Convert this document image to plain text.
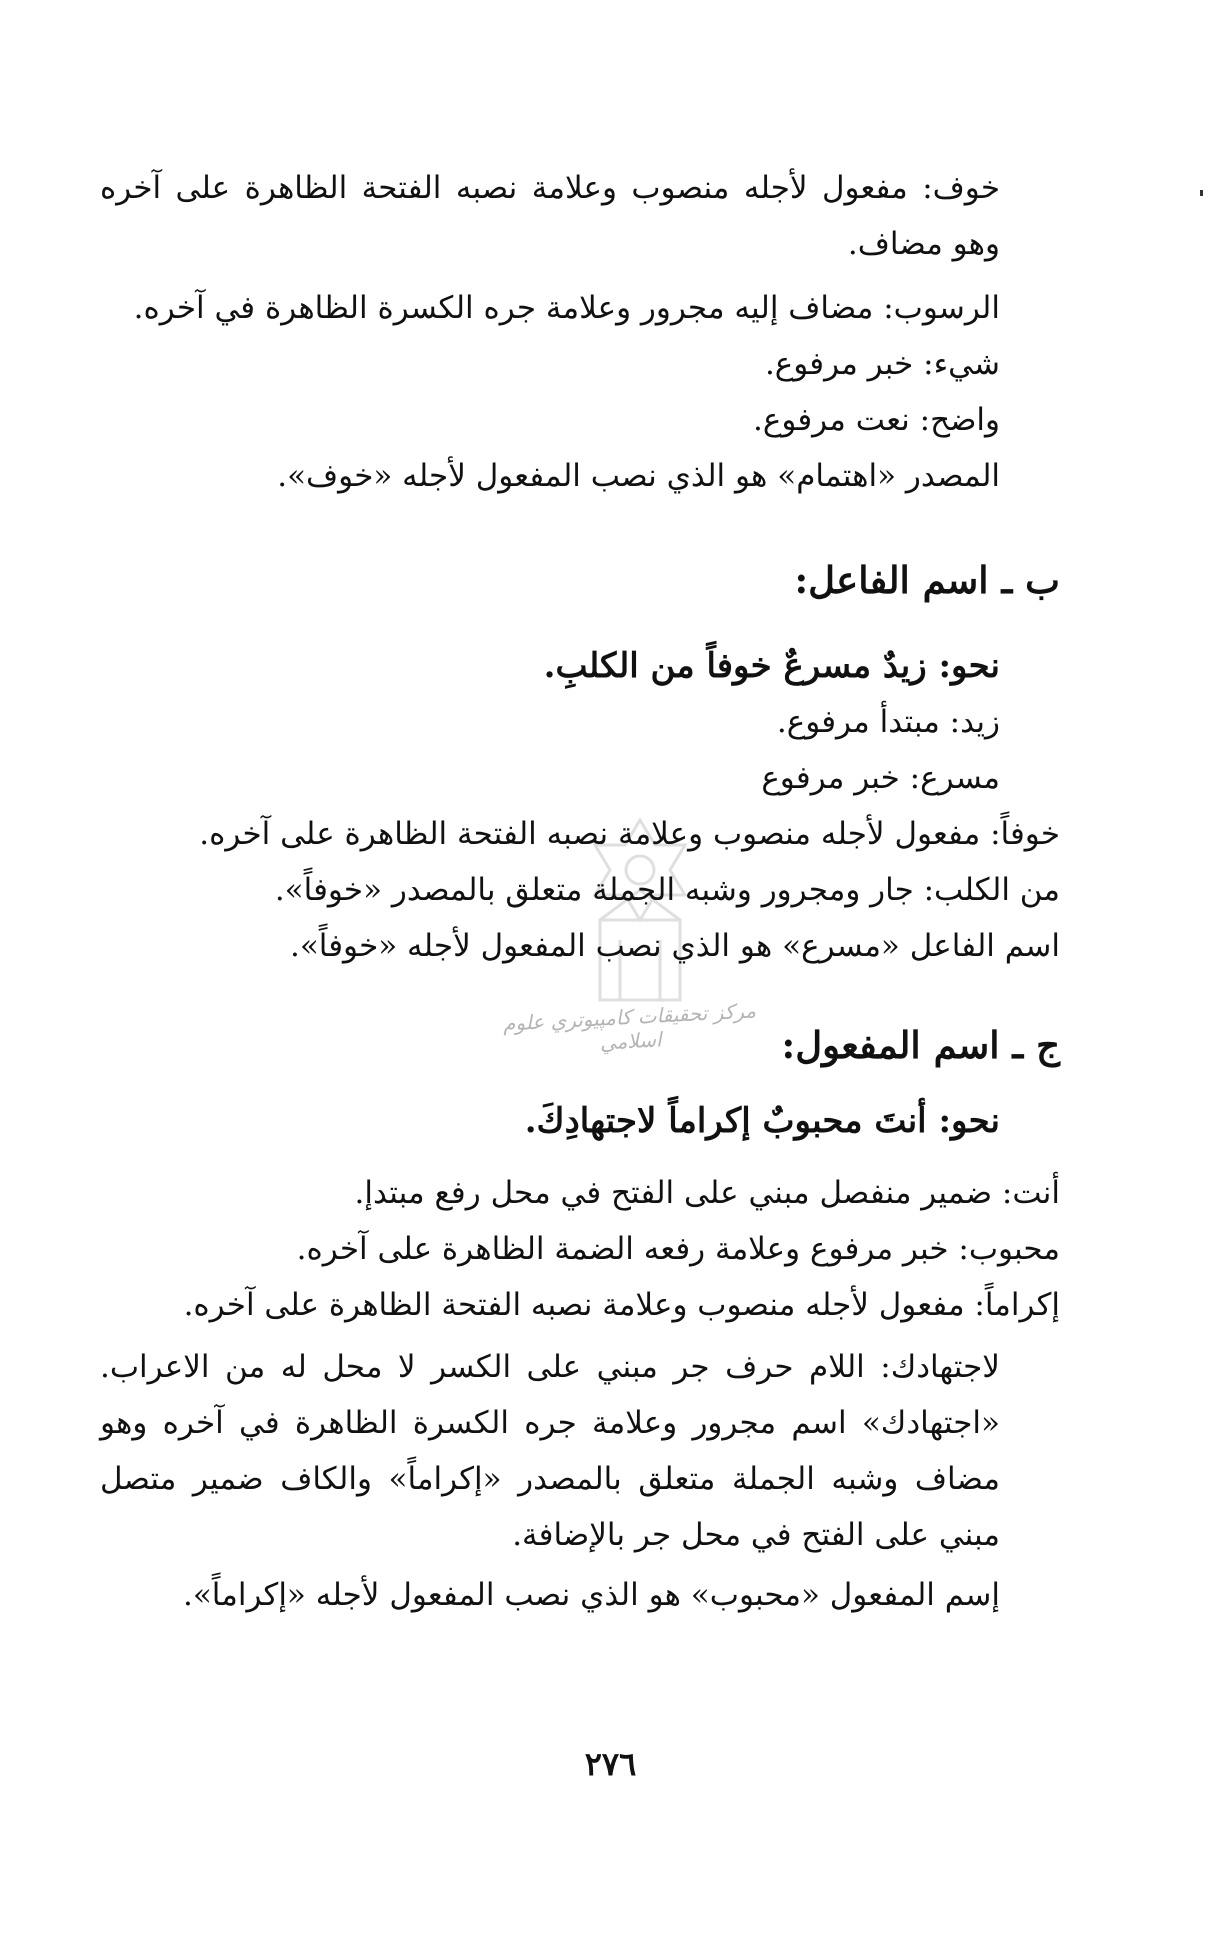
مركز تحقيقات كامپيوتري علوم اسلامي

خوف: مفعول لأجله منصوب وعلامة نصبه الفتحة الظاهرة على آخره وهو مضاف.

الرسوب: مضاف إليه مجرور وعلامة جره الكسرة الظاهرة في آخره.

شيء: خبر مرفوع.

واضح: نعت مرفوع.

المصدر «اهتمام» هو الذي نصب المفعول لأجله «خوف».

ب ـ اسم الفاعل:

نحو: زيدٌ مسرعٌ خوفاً من الكلبِ.

زيد: مبتدأ مرفوع.

مسرع: خبر مرفوع

خوفاً: مفعول لأجله منصوب وعلامة نصبه الفتحة الظاهرة على آخره.

من الكلب: جار ومجرور وشبه الجملة متعلق بالمصدر «خوفاً».

اسم الفاعل «مسرع» هو الذي نصب المفعول لأجله «خوفاً».

ج ـ اسم المفعول:

نحو: أنتَ محبوبٌ إكراماً لاجتهادِكَ.

أنت: ضمير منفصل مبني على الفتح في محل رفع مبتدإ.

محبوب: خبر مرفوع وعلامة رفعه الضمة الظاهرة على آخره.

إكراماً: مفعول لأجله منصوب وعلامة نصبه الفتحة الظاهرة على آخره.

لاجتهادك: اللام حرف جر مبني على الكسر لا محل له من الاعراب. «اجتهادك» اسم مجرور وعلامة جره الكسرة الظاهرة في آخره وهو مضاف وشبه الجملة متعلق بالمصدر «إكراماً» والكاف ضمير متصل مبني على الفتح في محل جر بالإضافة.

إسم المفعول «محبوب» هو الذي نصب المفعول لأجله «إكراماً».

٢٧٦
